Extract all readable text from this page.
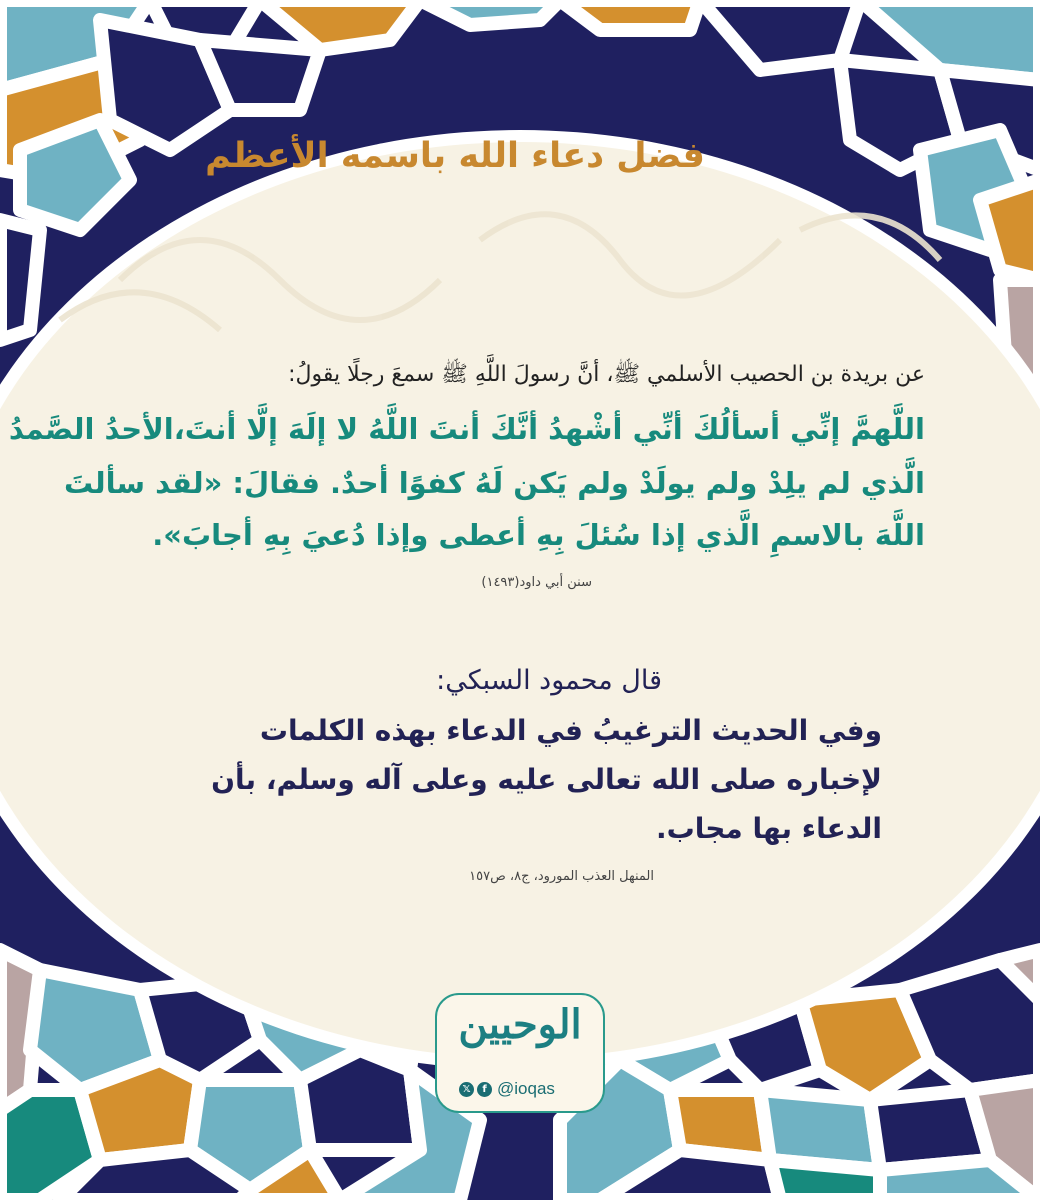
فضل دعاء الله باسمه الأعظم

عن بريدة بن الحصيب الأسلمي ﷺ، أنَّ رسولَ اللَّهِ ﷺ سمعَ رجلًا يقولُ:

اللَّهمَّ إنِّي أسألُكَ أنِّي أشْهدُ أنَّكَ أنتَ اللَّهُ لا إلَهَ إلَّا أنتَ،الأحدُ الصَّمدُ

الَّذي لم يلِدْ ولم يولَدْ ولم يَكن لَهُ كفوًا أحدٌ. فقالَ: «لقد سألتَ

اللَّهَ بالاسمِ الَّذي إذا سُئلَ بِهِ أعطى وإذا دُعيَ بِهِ أجابَ».

سنن أبي داود(١٤٩٣)

قال محمود السبكي:

وفي الحديث الترغيبُ في الدعاء بهذه الكلمات

لإخباره صلى الله تعالى عليه وعلى آله وسلم، بأن

الدعاء بها مجاب.

المنهل العذب المورود، ج٨، ص١٥٧

الوحيين
𝕏	f @ioqas
